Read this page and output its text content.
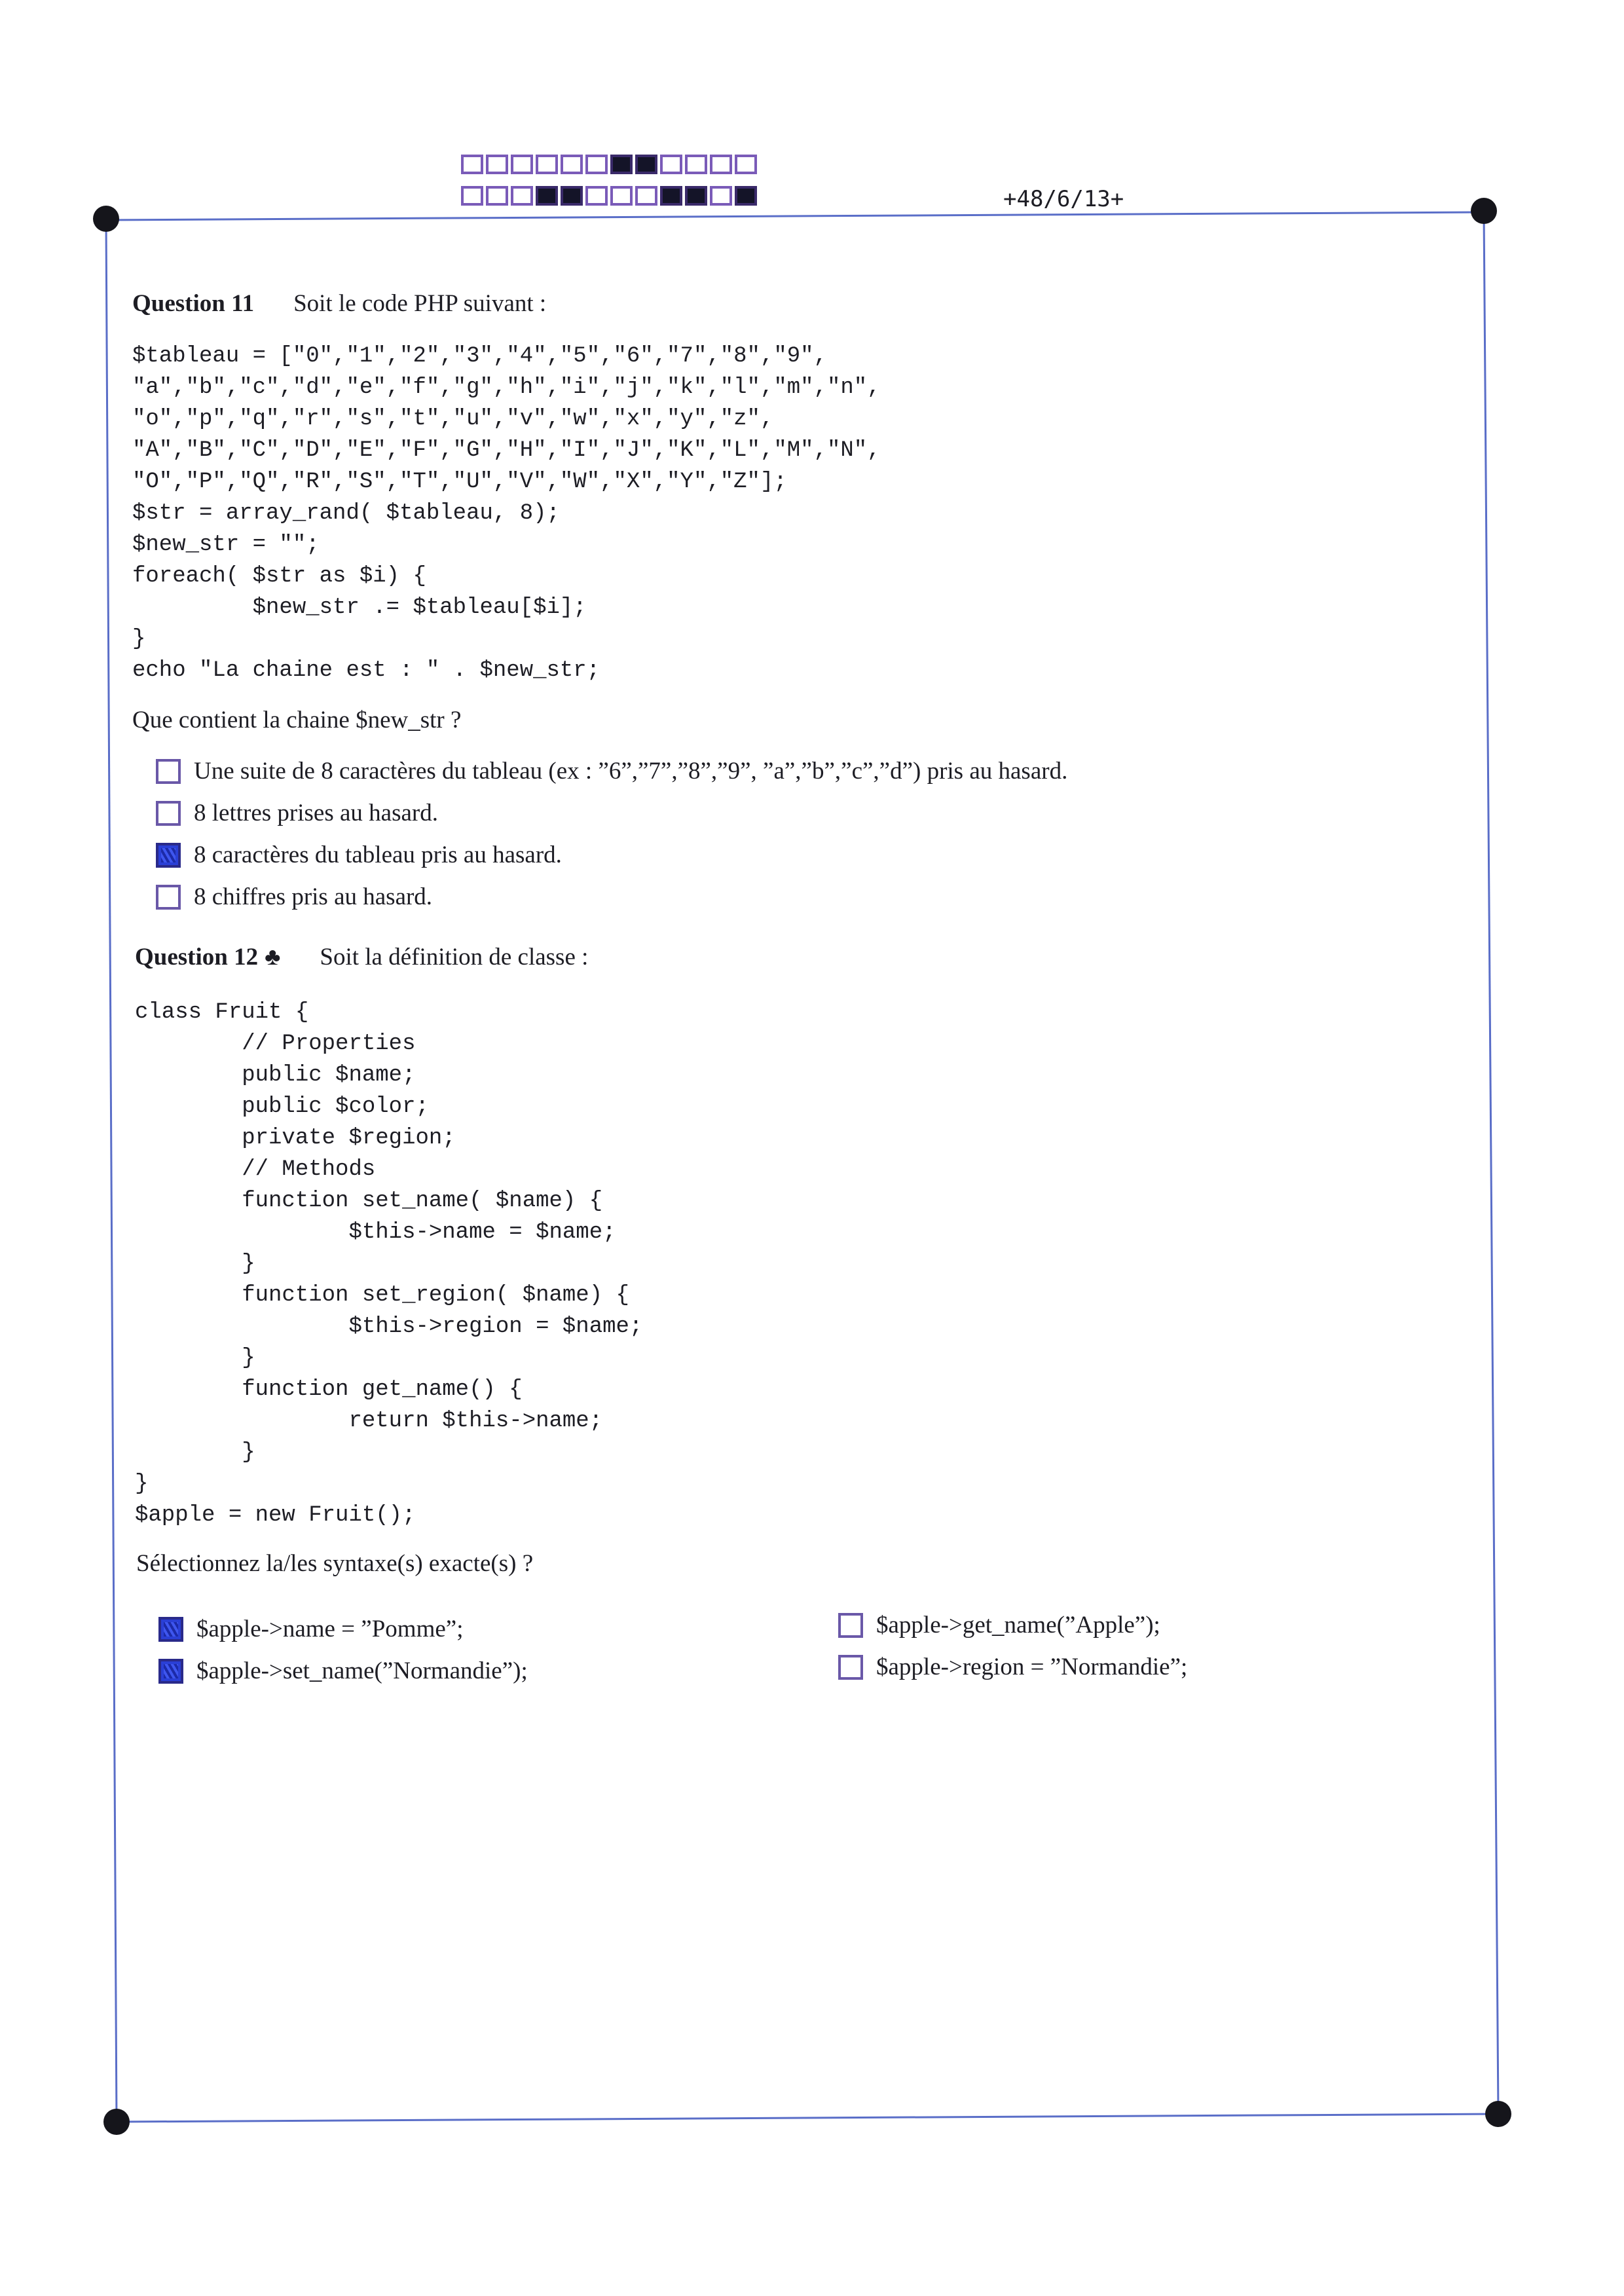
+48/6/13+
Question 11 Soit le code PHP suivant :
$tableau = ["0","1","2","3","4","5","6","7","8","9",
"a","b","c","d","e","f","g","h","i","j","k","l","m","n",
"o","p","q","r","s","t","u","v","w","x","y","z",
"A","B","C","D","E","F","G","H","I","J","K","L","M","N",
"O","P","Q","R","S","T","U","V","W","X","Y","Z"];
$str = array_rand( $tableau, 8);
$new_str = "";
foreach( $str as $i) {
$new_str .= $tableau[$i];
}
echo "La chaine est : " . $new_str;
Que contient la chaine $new_str ?
Une suite de 8 caractères du tableau (ex : ”6”,”7”,”8”,”9”, ”a”,”b”,”c”,”d”) pris au hasard.
8 lettres prises au hasard.
8 caractères du tableau pris au hasard.
8 chiffres pris au hasard.
Question 12 ♣ Soit la définition de classe :
class Fruit {
// Properties
public $name;
public $color;
private $region;
// Methods
function set_name( $name) {
$this->name = $name;
}
function set_region( $name) {
$this->region = $name;
}
function get_name() {
return $this->name;
}
}
$apple = new Fruit();
Sélectionnez la/les syntaxe(s) exacte(s) ?
$apple->name = ”Pomme”;
$apple->set_name(”Normandie”);
$apple->get_name(”Apple”);
$apple->region = ”Normandie”;
